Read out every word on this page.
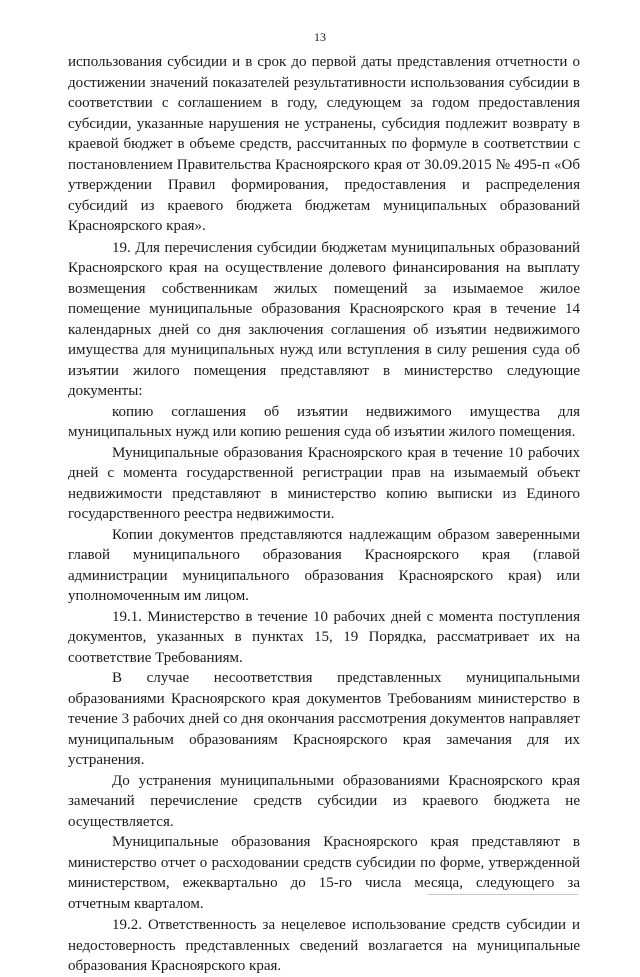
13

использования субсидии и в срок до первой даты представления отчетности о достижении значений показателей результативности использования субсидии в соответствии с соглашением в году, следующем за годом предоставления субсидии, указанные нарушения не устранены, субсидия подлежит возврату в краевой бюджет в объеме средств, рассчитанных по формуле в соответствии с постановлением Правительства Красноярского края от 30.09.2015 № 495-п «Об утверждении Правил формирования, предоставления и распределения субсидий из краевого бюджета бюджетам муниципальных образований Красноярского края».

19. Для перечисления субсидии бюджетам муниципальных образований Красноярского края на осуществление долевого финансирования на выплату возмещения собственникам жилых помещений за изымаемое жилое помещение муниципальные образования Красноярского края в течение 14 календарных дней со дня заключения соглашения об изъятии недвижимого имущества для муниципальных нужд или вступления в силу решения суда об изъятии жилого помещения представляют в министерство следующие документы:

копию соглашения об изъятии недвижимого имущества для муниципальных нужд или копию решения суда об изъятии жилого помещения.

Муниципальные образования Красноярского края в течение 10 рабочих дней с момента государственной регистрации прав на изымаемый объект недвижимости представляют в министерство копию выписки из Единого государственного реестра недвижимости.

Копии документов представляются надлежащим образом заверенными главой муниципального образования Красноярского края (главой администрации муниципального образования Красноярского края) или уполномоченным им лицом.

19.1. Министерство в течение 10 рабочих дней с момента поступления документов, указанных в пунктах 15, 19 Порядка, рассматривает их на соответствие Требованиям.

В случае несоответствия представленных муниципальными образованиями Красноярского края документов Требованиям министерство в течение 3 рабочих дней со дня окончания рассмотрения документов направляет муниципальным образованиям Красноярского края замечания для их устранения.

До устранения муниципальными образованиями Красноярского края замечаний перечисление средств субсидии из краевого бюджета не осуществляется.

Муниципальные образования Красноярского края представляют в министерство отчет о расходовании средств субсидии по форме, утвержденной министерством, ежеквартально до 15-го числа месяца, следующего за отчетным кварталом.

19.2. Ответственность за нецелевое использование средств субсидии и недостоверность представленных сведений возлагается на муниципальные образования Красноярского края.
